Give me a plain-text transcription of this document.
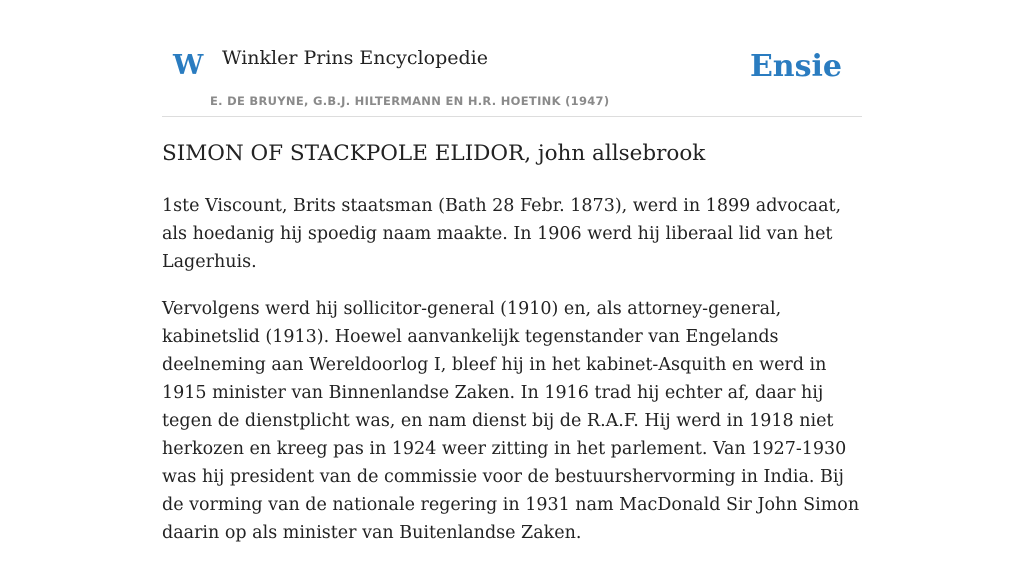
W Winkler Prins Encyclopedie
E. DE BRUYNE, G.B.J. HILTERMANN EN H.R. HOETINK (1947)
Ensie
SIMON OF STACKPOLE ELIDOR, john allsebrook

1ste Viscount, Brits staatsman (Bath 28 Febr. 1873), werd in 1899 advocaat, als hoedanig hij spoedig naam maakte. In 1906 werd hij liberaal lid van het Lagerhuis.

Vervolgens werd hij sollicitor-general (1910) en, als attorney-general, kabinetslid (1913). Hoewel aanvankelijk tegenstander van Engelands deelneming aan Wereldoorlog I, bleef hij in het kabinet-Asquith en werd in 1915 minister van Binnenlandse Zaken. In 1916 trad hij echter af, daar hij tegen de dienstplicht was, en nam dienst bij de R.A.F. Hij werd in 1918 niet herkozen en kreeg pas in 1924 weer zitting in het parlement. Van 1927-1930 was hij president van de commissie voor de bestuurshervorming in India. Bij de vorming van de nationale regering in 1931 nam MacDonald Sir John Simon daarin op als minister van Buitenlandse Zaken.
